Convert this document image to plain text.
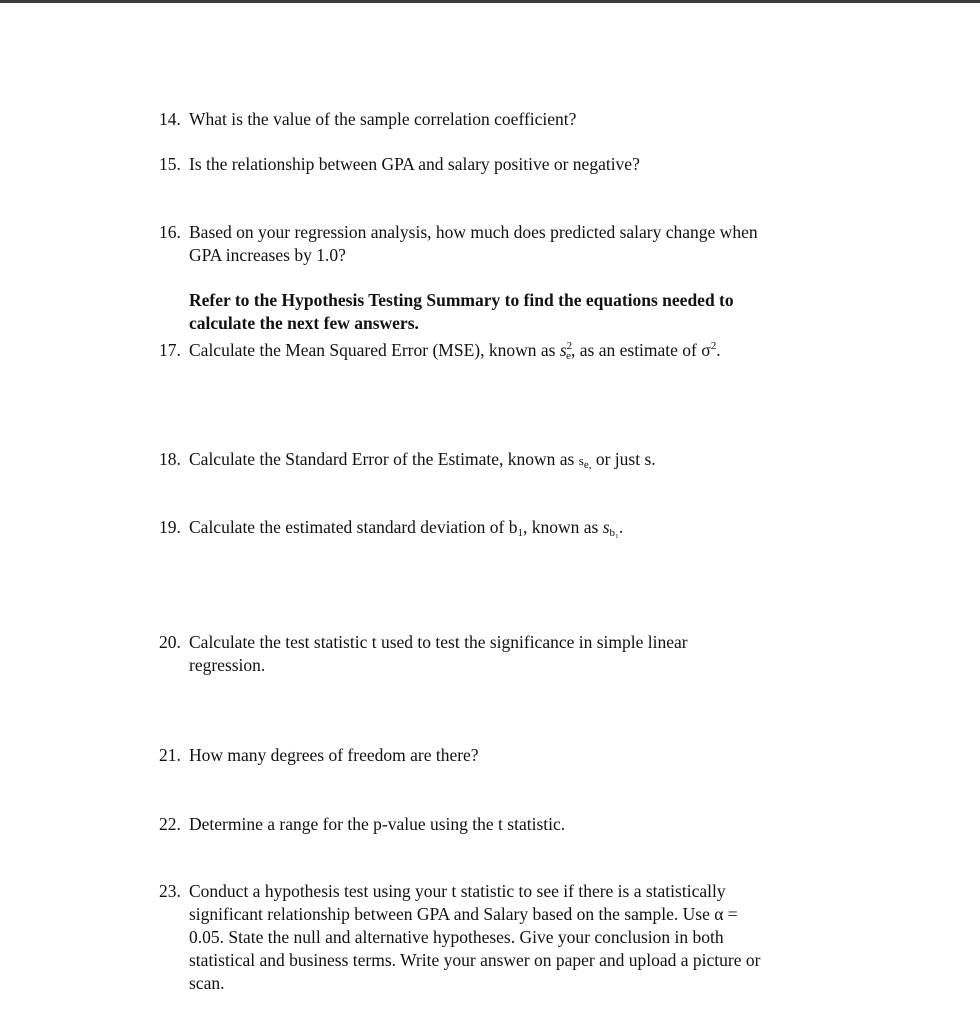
14. What is the value of the sample correlation coefficient?
15. Is the relationship between GPA and salary positive or negative?
16. Based on your regression analysis, how much does predicted salary change when
GPA increases by 1.0?
Refer to the Hypothesis Testing Summary to find the equations needed to
calculate the next few answers.
17. Calculate the Mean Squared Error (MSE), known as $s^2_e$, as an estimate of $\sigma^2$.
18. Calculate the Standard Error of the Estimate, known as $s_{e,}$ or just s.
19. Calculate the estimated standard deviation of $b_1$, known as $s_{b_1}$.
20. Calculate the test statistic t used to test the significance in simple linear
regression.
21. How many degrees of freedom are there?
22. Determine a range for the p-value using the t statistic.
23. Conduct a hypothesis test using your t statistic to see if there is a statistically
significant relationship between GPA and Salary based on the sample. Use α =
0.05. State the null and alternative hypotheses. Give your conclusion in both
statistical and business terms. Write your answer on paper and upload a picture or
scan.
